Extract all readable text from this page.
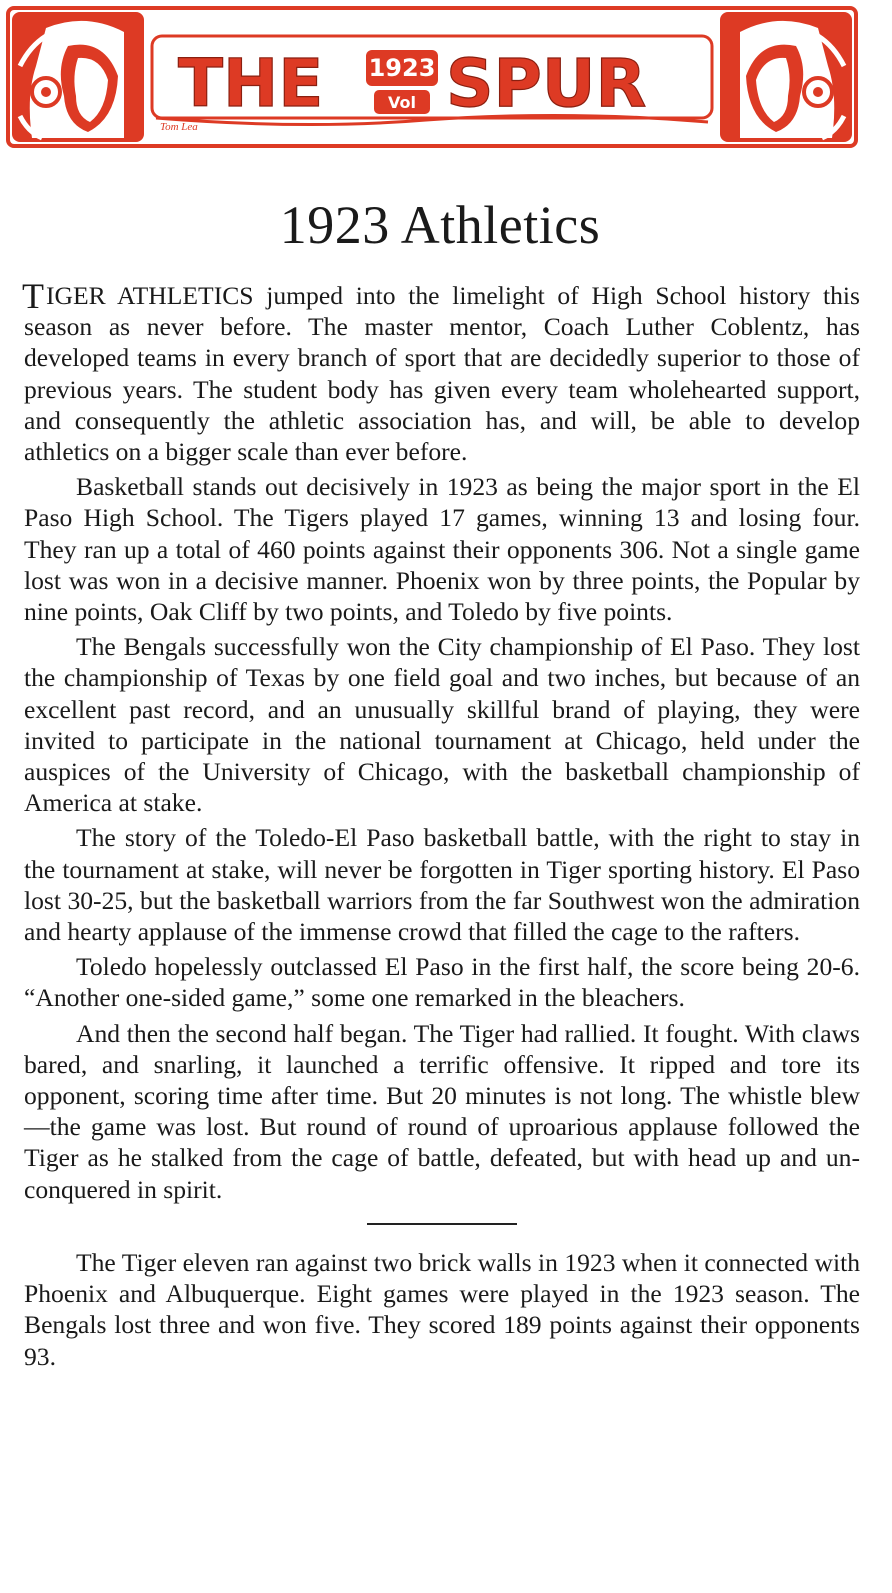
THE 1923
Vol SPUR
Tom Lea
1923 Athletics

T IGER ATHLETICS jumped into the limelight of High School history this season as never before. The master mentor, Coach Luther Coblentz, has developed teams in every branch of sport that are decidedly superior to those of previous years. The student body has given every team wholehearted support, and consequently the athletic association has, and will, be able to develop athletics on a bigger scale than ever before.

Basketball stands out decisively in 1923 as being the major sport in the El Paso High School. The Tigers played 17 games, winning 13 and losing four. They ran up a total of 460 points against their opponents 306. Not a single game lost was won in a decisive manner. Phoenix won by three points, the Popular by nine points, Oak Cliff by two points, and Toledo by five points.

The Bengals successfully won the City championship of El Paso. They lost the championship of Texas by one field goal and two inches, but because of an excellent past record, and an unusually skillful brand of playing, they were invited to participate in the national tournament at Chicago, held under the auspices of the University of Chicago, with the basketball championship of America at stake.

The story of the Toledo-El Paso basketball battle, with the right to stay in the tournament at stake, will never be forgotten in Tiger sporting history. El Paso lost 30-25, but the basketball warriors from the far Southwest won the admiration and hearty applause of the immense crowd that filled the cage to the rafters.

Toledo hopelessly outclassed El Paso in the first half, the score being 20-6. “Another one-sided game,” some one remarked in the bleachers.

And then the second half began. The Tiger had rallied. It fought. With claws bared, and snarling, it launched a terrific offensive. It ripped and tore its opponent, scoring time after time. But 20 minutes is not long. The whistle blew—the game was lost. But round of round of uproarious applause followed the Tiger as he stalked from the cage of battle, defeated, but with head up and unconquered in spirit.

The Tiger eleven ran against two brick walls in 1923 when it connected with Phoenix and Albuquerque. Eight games were played in the 1923 season. The Bengals lost three and won five. They scored 189 points against their opponents 93.
